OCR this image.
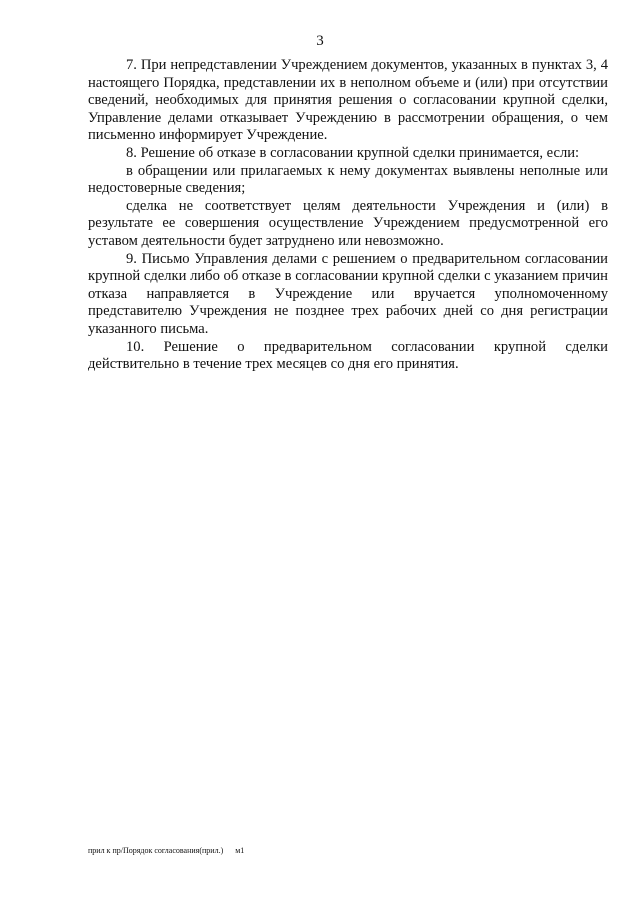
3

7. При непредставлении Учреждением документов, указанных в пунктах 3, 4 настоящего Порядка, представлении их в неполном объеме и (или) при отсутствии сведений, необходимых для принятия решения о согласовании крупной сделки, Управление делами отказывает Учреждению в рассмотрении обращения, о чем письменно информирует Учреждение.

8. Решение об отказе в согласовании крупной сделки принимается, если:

в обращении или прилагаемых к нему документах выявлены неполные или недостоверные сведения;

сделка не соответствует целям деятельности Учреждения и (или) в результате ее совершения осуществление Учреждением предусмотренной его уставом деятельности будет затруднено или невозможно.

9. Письмо Управления делами с решением о предварительном согласовании крупной сделки либо об отказе в согласовании крупной сделки с указанием причин отказа направляется в Учреждение или вручается уполномоченному представителю Учреждения не позднее трех рабочих дней со дня регистрации указанного письма.

10. Решение о предварительном согласовании крупной сделки действительно в течение трех месяцев со дня его принятия.

прил к пр/Порядок согласования(прил.) м1
